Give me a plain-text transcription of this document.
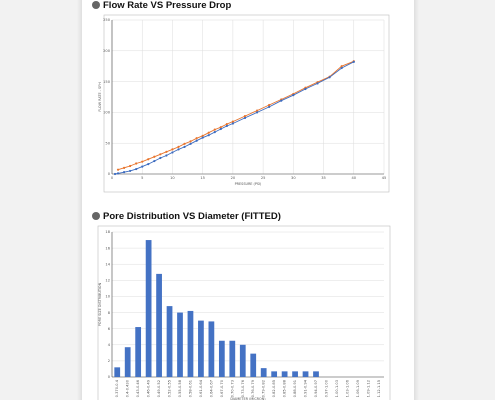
Flow Rate VS Pressure Drop
Pore Distribution VS Diameter (FITTED)
0
50
100
150
200
250
0	5	10	15	20	25	30	35	40	45
PRESSURE (PSI)
FLOW RATE - SFH
0
2
4
6
8
10
12
14
16
18
0.370-0.4 0.4-0.430 0.43-0.46 0.46-0.49 0.49-0.52 0.52-0.55 0.55-0.58 0.58-0.61 0.61-0.64 0.64-0.67 0.67-0.70 0.70-0.73 0.73-0.76 0.76-0.79 0.79-0.82 0.82-0.85 0.85-0.88 0.88-0.91 0.91-0.94 0.94-0.97 0.97-1.00 1.00-1.03 1.03-1.06 1.06-1.09 1.09-1.12 1.12-1.15
DIAMETER (MICRON)
PORE SIZE DISTRIBUTION
